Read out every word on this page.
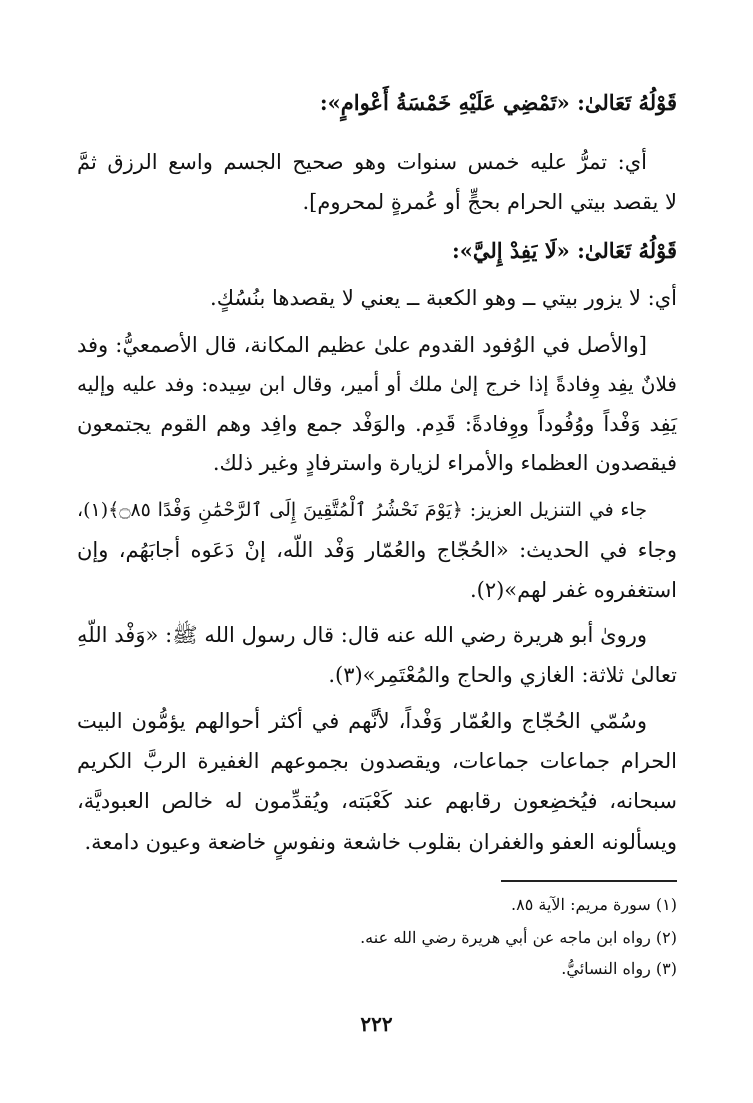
قَوْلُهُ تَعَالىٰ: «تَمْضِي عَلَيْهِ خَمْسَةُ أَعْوامٍ»:
أي: تمرُّ عليه خمس سنوات وهو صحيح الجسم واسع الرزق ثمَّ
لا يقصد بيتي الحرام بحجٍّ أو عُمرةٍ لمحروم].
قَوْلُهُ تَعَالىٰ: «لَا يَفِدْ إِليَّ»:
أي: لا يزور بيتي ــ وهو الكعبة ــ يعني لا يقصدها بنُسُكٍ.
[والأصل في الوُفود القدوم علىٰ عظيم المكانة، قال الأصمعيُّ: وفد
فلانٌ يفِد وِفادةً إذا خرج إلىٰ ملك أو أمير، وقال ابن سِيده: وفد عليه وإليه
يَفِد وَفْداً ووُفُوداً ووِفادةً: قَدِم. والوَفْد جمع وافِد وهم القوم يجتمعون
فيقصدون العظماء والأمراء لزيارة واسترفادٍ وغير ذلك.
جاء في التنزيل العزيز: ﴿يَوْمَ نَحْشُرُ ٱلْمُتَّقِينَ إِلَى ٱلرَّحْمَٰنِ وَفْدًا ۝٨٥﴾(١)،
وجاء في الحديث: «الحُجّاج والعُمّار وَفْد اللّه، إنْ دَعَوه أجابَهُم، وإن
استغفروه غفر لهم»(٢).
وروىٰ أبو هريرة رضي الله عنه قال: قال رسول الله ﷺ: «وَفْد اللّهِ
تعالىٰ ثلاثة: الغازي والحاج والمُعْتَمِر»(٣).
وسُمّي الحُجّاج والعُمّار وَفْداً، لأنَّهم في أكثر أحوالهم يؤمُّون البيت
الحرام جماعات جماعات، ويقصدون بجموعهم الغفيرة الربَّ الكريم
سبحانه، فيُخضِعون رقابهم عند كَعْبَته، ويُقدِّمون له خالص العبوديَّة،
ويسألونه العفو والغفران بقلوب خاشعة ونفوسٍ خاضعة وعيون دامعة.
(١) سورة مريم: الآية ٨٥.
(٢) رواه ابن ماجه عن أبي هريرة رضي الله عنه.
(٣) رواه النسائيُّ.
٢٢٢
